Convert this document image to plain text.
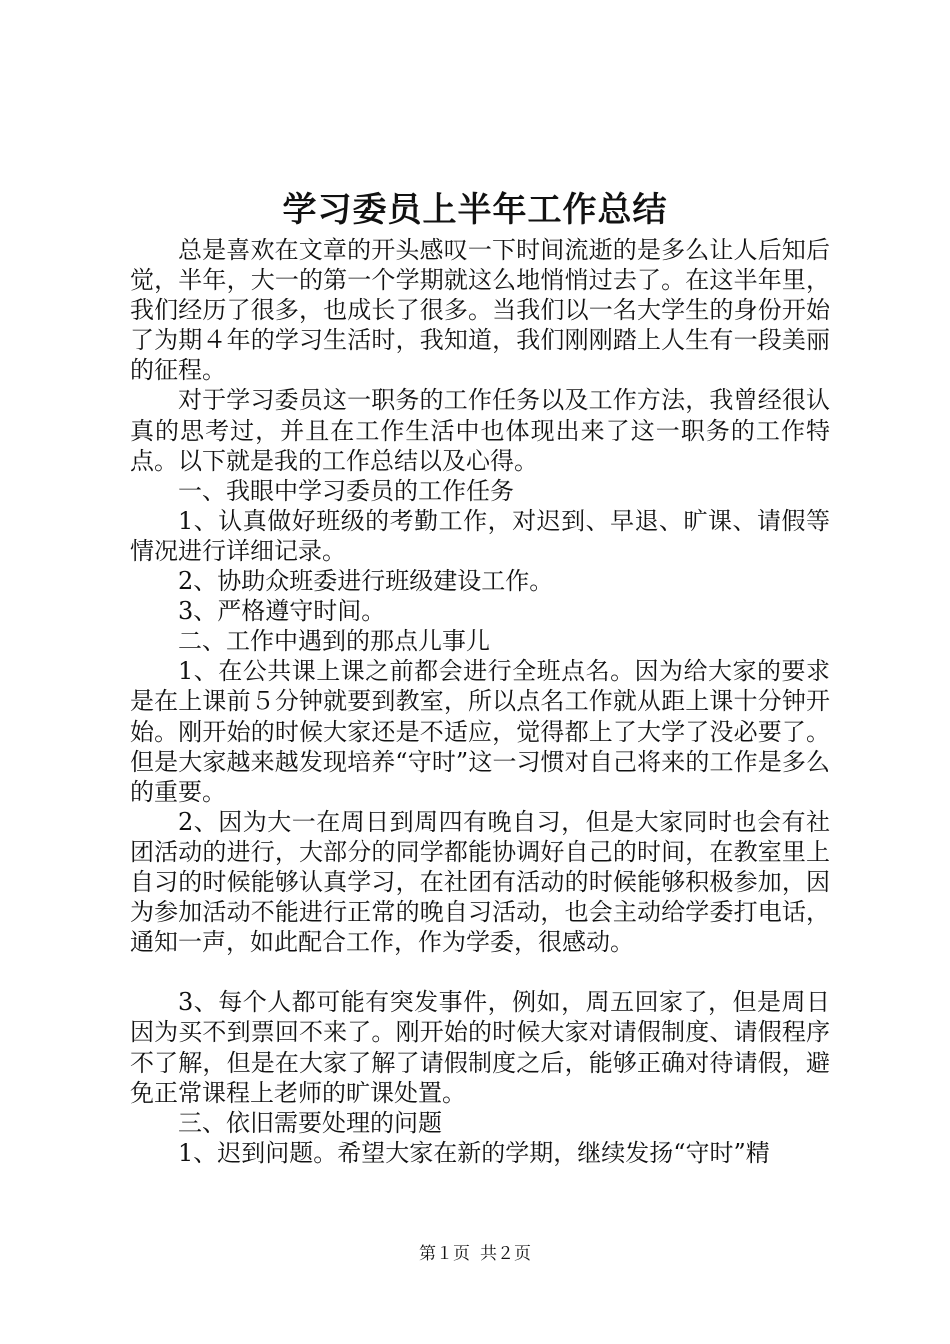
学习委员上半年工作总结

总是喜欢在文章的开头感叹一下时间流逝的是多么让人后知后觉，半年，大一的第一个学期就这么地悄悄过去了。在这半年里，我们经历了很多，也成长了很多。当我们以一名大学生的身份开始了为期４年的学习生活时，我知道，我们刚刚踏上人生有一段美丽的征程。

对于学习委员这一职务的工作任务以及工作方法，我曾经很认真的思考过，并且在工作生活中也体现出来了这一职务的工作特点。以下就是我的工作总结以及心得。

一、我眼中学习委员的工作任务

1、认真做好班级的考勤工作，对迟到、早退、旷课、请假等情况进行详细记录。

2、协助众班委进行班级建设工作。

3、严格遵守时间。

二、工作中遇到的那点儿事儿

1、在公共课上课之前都会进行全班点名。因为给大家的要求是在上课前５分钟就要到教室，所以点名工作就从距上课十分钟开始。刚开始的时候大家还是不适应，觉得都上了大学了没必要了。但是大家越来越发现培养“守时”这一习惯对自己将来的工作是多么的重要。

2、因为大一在周日到周四有晚自习，但是大家同时也会有社团活动的进行，大部分的同学都能协调好自己的时间，在教室里上自习的时候能够认真学习，在社团有活动的时候能够积极参加，因为参加活动不能进行正常的晚自习活动，也会主动给学委打电话，通知一声，如此配合工作，作为学委，很感动。

3、每个人都可能有突发事件，例如，周五回家了，但是周日因为买不到票回不来了。刚开始的时候大家对请假制度、请假程序不了解，但是在大家了解了请假制度之后，能够正确对待请假，避免正常课程上老师的旷课处置。

三、依旧需要处理的问题

1、迟到问题。希望大家在新的学期，继续发扬“守时”精

第１页 共２页
